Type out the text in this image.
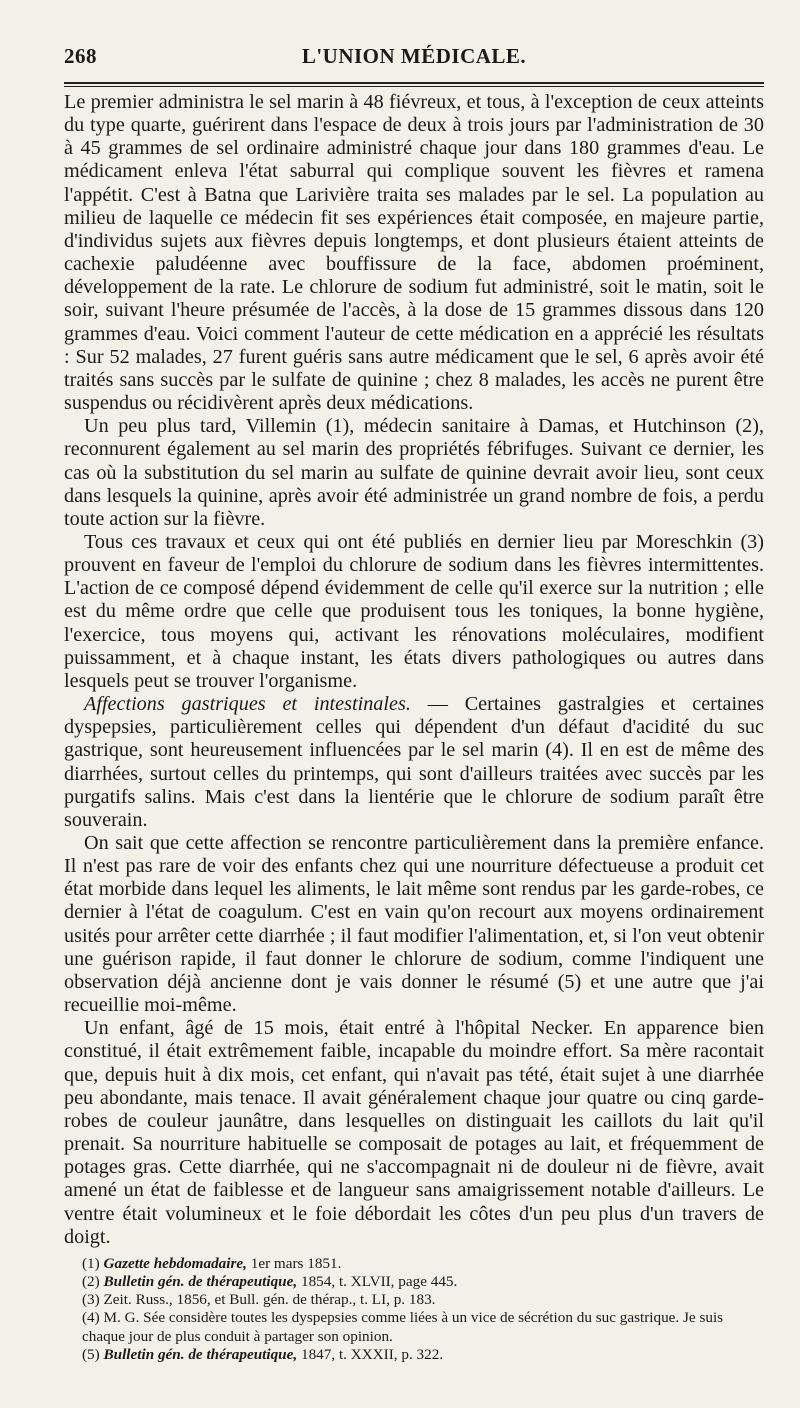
268	L'UNION MÉDICALE.

Le premier administra le sel marin à 48 fiévreux, et tous, à l'exception de ceux atteints du type quarte, guérirent dans l'espace de deux à trois jours par l'administration de 30 à 45 grammes de sel ordinaire administré chaque jour dans 180 grammes d'eau. Le médicament enleva l'état saburral qui complique souvent les fièvres et ramena l'appétit. C'est à Batna que Larivière traita ses malades par le sel. La population au milieu de laquelle ce médecin fit ses expériences était composée, en majeure partie, d'individus sujets aux fièvres depuis longtemps, et dont plusieurs étaient atteints de cachexie paludéenne avec bouffissure de la face, abdomen proéminent, développement de la rate. Le chlorure de sodium fut administré, soit le matin, soit le soir, suivant l'heure présumée de l'accès, à la dose de 15 grammes dissous dans 120 grammes d'eau. Voici comment l'auteur de cette médication en a apprécié les résultats : Sur 52 malades, 27 furent guéris sans autre médicament que le sel, 6 après avoir été traités sans succès par le sulfate de quinine ; chez 8 malades, les accès ne purent être suspendus ou récidivèrent après deux médications.

Un peu plus tard, Villemin (1), médecin sanitaire à Damas, et Hutchinson (2), reconnurent également au sel marin des propriétés fébrifuges. Suivant ce dernier, les cas où la substitution du sel marin au sulfate de quinine devrait avoir lieu, sont ceux dans lesquels la quinine, après avoir été administrée un grand nombre de fois, a perdu toute action sur la fièvre.

Tous ces travaux et ceux qui ont été publiés en dernier lieu par Moreschkin (3) prouvent en faveur de l'emploi du chlorure de sodium dans les fièvres intermittentes. L'action de ce composé dépend évidemment de celle qu'il exerce sur la nutrition ; elle est du même ordre que celle que produisent tous les toniques, la bonne hygiène, l'exercice, tous moyens qui, activant les rénovations moléculaires, modifient puissamment, et à chaque instant, les états divers pathologiques ou autres dans lesquels peut se trouver l'organisme.

Affections gastriques et intestinales. — Certaines gastralgies et certaines dyspepsies, particulièrement celles qui dépendent d'un défaut d'acidité du suc gastrique, sont heureusement influencées par le sel marin (4). Il en est de même des diarrhées, surtout celles du printemps, qui sont d'ailleurs traitées avec succès par les purgatifs salins. Mais c'est dans la lientérie que le chlorure de sodium paraît être souverain.

On sait que cette affection se rencontre particulièrement dans la première enfance. Il n'est pas rare de voir des enfants chez qui une nourriture défectueuse a produit cet état morbide dans lequel les aliments, le lait même sont rendus par les garde-robes, ce dernier à l'état de coagulum. C'est en vain qu'on recourt aux moyens ordinairement usités pour arrêter cette diarrhée ; il faut modifier l'alimentation, et, si l'on veut obtenir une guérison rapide, il faut donner le chlorure de sodium, comme l'indiquent une observation déjà ancienne dont je vais donner le résumé (5) et une autre que j'ai recueillie moi-même.

Un enfant, âgé de 15 mois, était entré à l'hôpital Necker. En apparence bien constitué, il était extrêmement faible, incapable du moindre effort. Sa mère racontait que, depuis huit à dix mois, cet enfant, qui n'avait pas tété, était sujet à une diarrhée peu abondante, mais tenace. Il avait généralement chaque jour quatre ou cinq garde-robes de couleur jaunâtre, dans lesquelles on distinguait les caillots du lait qu'il prenait. Sa nourriture habituelle se composait de potages au lait, et fréquemment de potages gras. Cette diarrhée, qui ne s'accompagnait ni de douleur ni de fièvre, avait amené un état de faiblesse et de langueur sans amaigrissement notable d'ailleurs. Le ventre était volumineux et le foie débordait les côtes d'un peu plus d'un travers de doigt.

(1) Gazette hebdomadaire, 1er mars 1851.

(2) Bulletin gén. de thérapeutique, 1854, t. XLVII, page 445.

(3) Zeit. Russ., 1856, et Bull. gén. de thérap., t. LI, p. 183.

(4) M. G. Sée considère toutes les dyspepsies comme liées à un vice de sécrétion du suc gastrique. Je suis chaque jour de plus conduit à partager son opinion.

(5) Bulletin gén. de thérapeutique, 1847, t. XXXII, p. 322.
